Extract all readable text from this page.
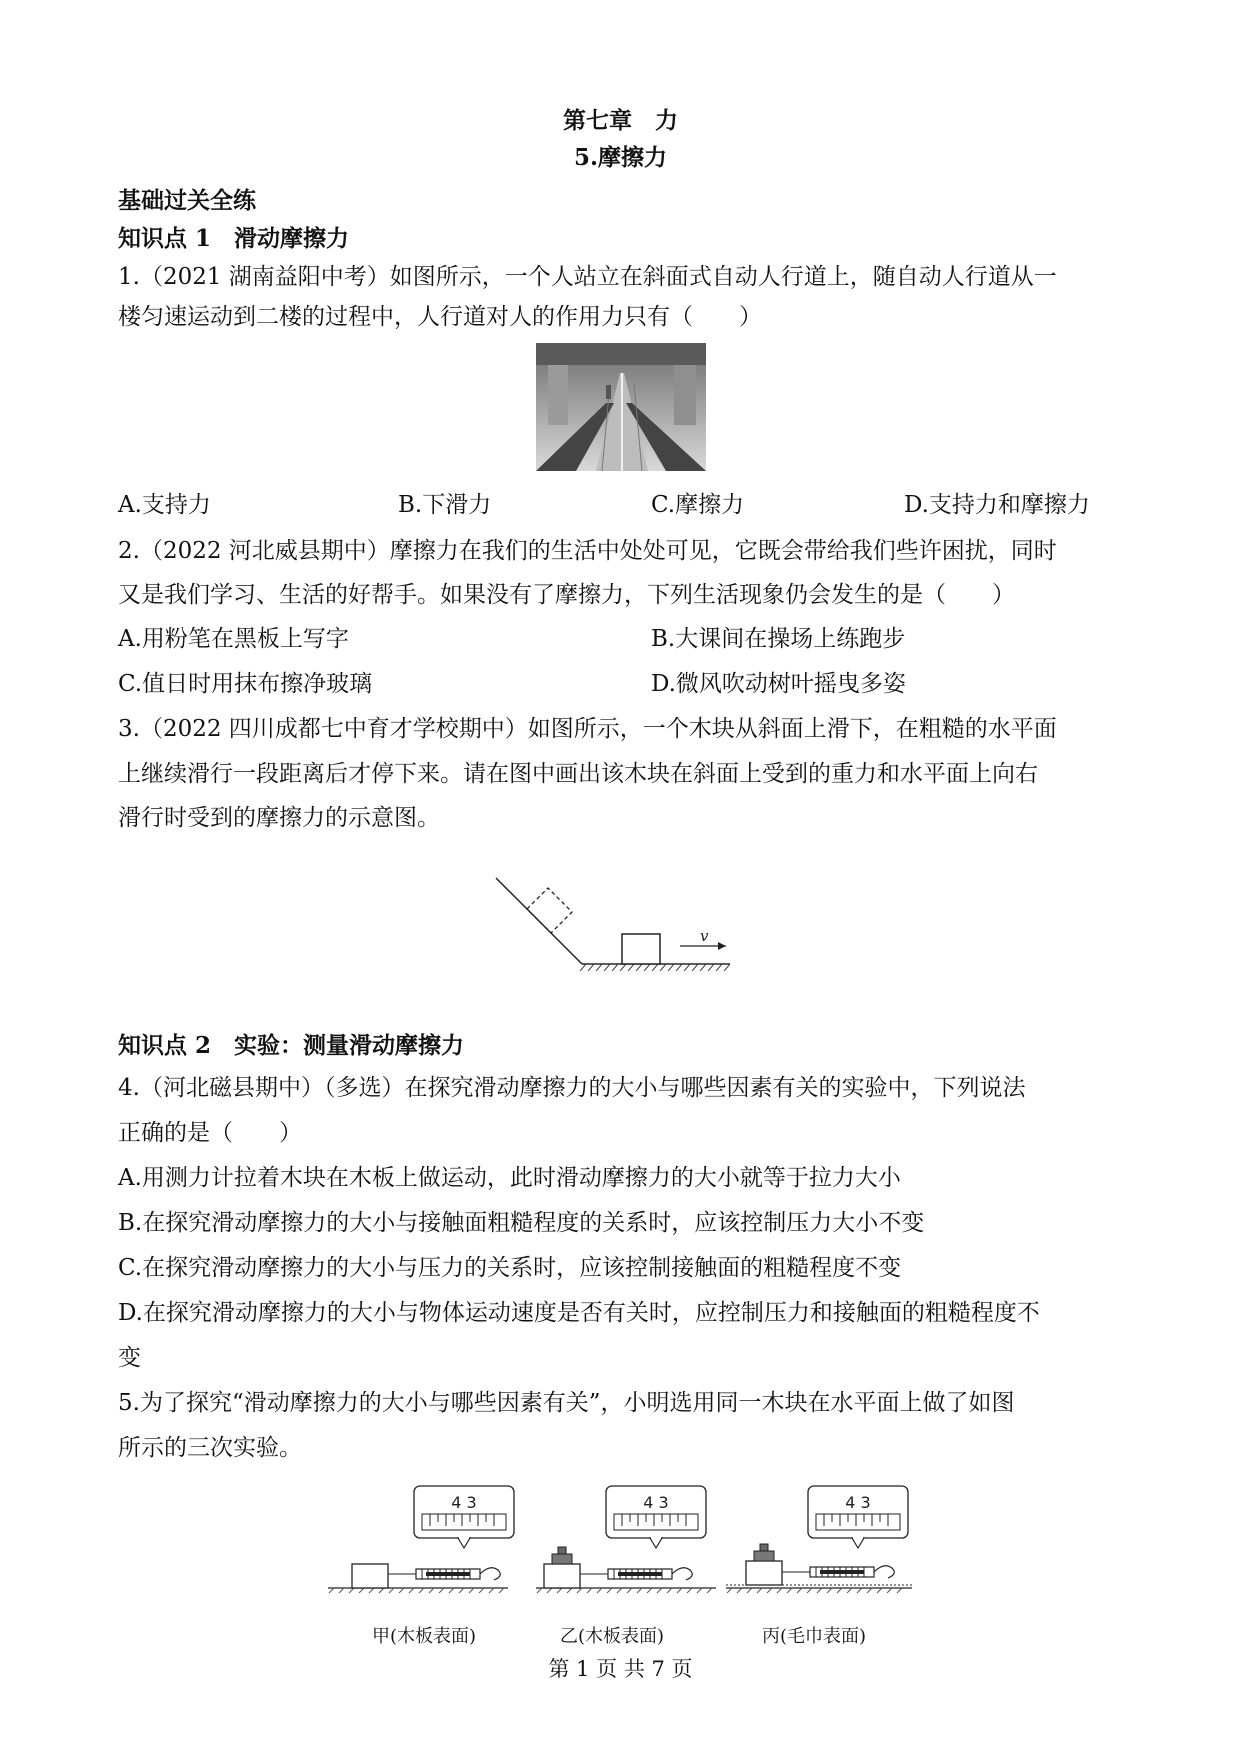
第七章　力
5.摩擦力
基础过关全练
知识点 1　滑动摩擦力
1.（2021 湖南益阳中考）如图所示，一个人站立在斜面式自动人行道上，随自动人行道从一
楼匀速运动到二楼的过程中，人行道对人的作用力只有（　　）
A.支持力	B.下滑力	C.摩擦力	D.支持力和摩擦力
2.（2022 河北威县期中）摩擦力在我们的生活中处处可见，它既会带给我们些许困扰，同时
又是我们学习、生活的好帮手。如果没有了摩擦力，下列生活现象仍会发生的是（　　）
A.用粉笔在黑板上写字	B.大课间在操场上练跑步
C.值日时用抹布擦净玻璃	D.微风吹动树叶摇曳多姿
3.（2022 四川成都七中育才学校期中）如图所示，一个木块从斜面上滑下，在粗糙的水平面
上继续滑行一段距离后才停下来。请在图中画出该木块在斜面上受到的重力和水平面上向右
滑行时受到的摩擦力的示意图。
v
知识点 2　实验：测量滑动摩擦力
4.（河北磁县期中）（多选）在探究滑动摩擦力的大小与哪些因素有关的实验中，下列说法
正确的是（　　）
A.用测力计拉着木块在木板上做运动，此时滑动摩擦力的大小就等于拉力大小
B.在探究滑动摩擦力的大小与接触面粗糙程度的关系时，应该控制压力大小不变
C.在探究滑动摩擦力的大小与压力的关系时，应该控制接触面的粗糙程度不变
D.在探究滑动摩擦力的大小与物体运动速度是否有关时，应控制压力和接触面的粗糙程度不
变
5.为了探究“滑动摩擦力的大小与哪些因素有关”，小明选用同一木块在水平面上做了如图
所示的三次实验。
4 3	4 3	4 3
甲(木板表面)	乙(木板表面)	丙(毛巾表面)
第 1 页 共 7 页
